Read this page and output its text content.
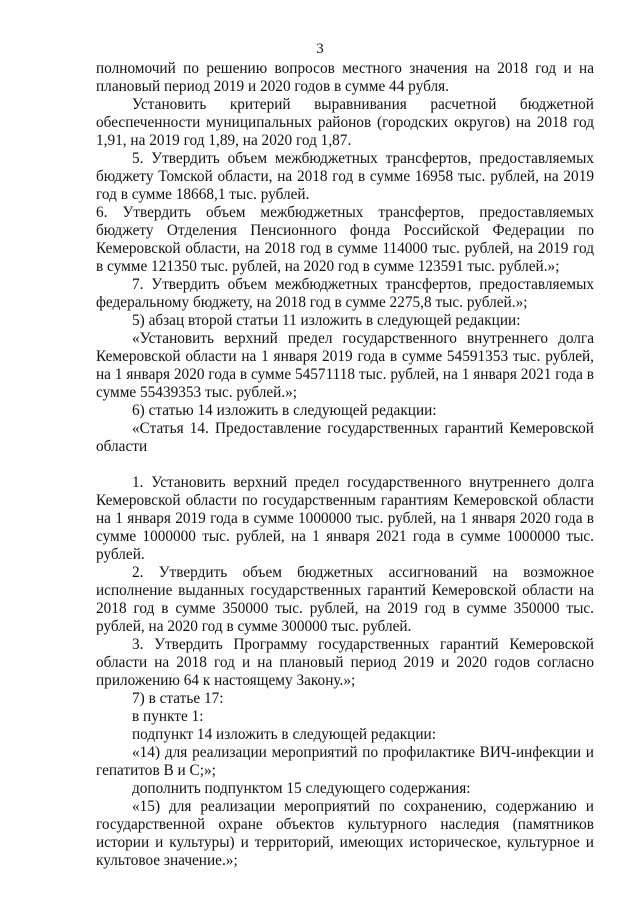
3

полномочий по решению вопросов местного значения на 2018 год и на плановый период 2019 и 2020 годов в сумме 44 рубля.

Установить критерий выравнивания расчетной бюджетной обеспеченности муниципальных районов (городских округов) на 2018 год 1,91, на 2019 год 1,89, на 2020 год 1,87.

5. Утвердить объем межбюджетных трансфертов, предоставляемых бюджету Томской области, на 2018 год в сумме 16958 тыс. рублей, на 2019 год в сумме 18668,1 тыс. рублей.

6. Утвердить объем межбюджетных трансфертов, предоставляемых бюджету Отделения Пенсионного фонда Российской Федерации по Кемеровской области, на 2018 год в сумме 114000 тыс. рублей, на 2019 год в сумме 121350 тыс. рублей, на 2020 год в сумме 123591 тыс. рублей.»;

7. Утвердить объем межбюджетных трансфертов, предоставляемых федеральному бюджету, на 2018 год в сумме 2275,8 тыс. рублей.»;

5) абзац второй статьи 11 изложить в следующей редакции:

«Установить верхний предел государственного внутреннего долга Кемеровской области на 1 января 2019 года в сумме 54591353 тыс. рублей, на 1 января 2020 года в сумме 54571118 тыс. рублей, на 1 января 2021 года в сумме 55439353 тыс. рублей.»;

6) статью 14 изложить в следующей редакции:

«Статья 14. Предоставление государственных гарантий Кемеровской области

1. Установить верхний предел государственного внутреннего долга Кемеровской области по государственным гарантиям Кемеровской области на 1 января 2019 года в сумме 1000000 тыс. рублей, на 1 января 2020 года в сумме 1000000 тыс. рублей, на 1 января 2021 года в сумме 1000000 тыс. рублей.

2. Утвердить объем бюджетных ассигнований на возможное исполнение выданных государственных гарантий Кемеровской области на 2018 год в сумме 350000 тыс. рублей, на 2019 год в сумме 350000 тыс. рублей, на 2020 год в сумме 300000 тыс. рублей.

3. Утвердить Программу государственных гарантий Кемеровской области на 2018 год и на плановый период 2019 и 2020 годов согласно приложению 64 к настоящему Закону.»;

7) в статье 17:

в пункте 1:

подпункт 14 изложить в следующей редакции:

«14) для реализации мероприятий по профилактике ВИЧ-инфекции и гепатитов В и С;»;

дополнить подпунктом 15 следующего содержания:

«15) для реализации мероприятий по сохранению, содержанию и государственной охране объектов культурного наследия (памятников истории и культуры) и территорий, имеющих историческое, культурное и культовое значение.»;
